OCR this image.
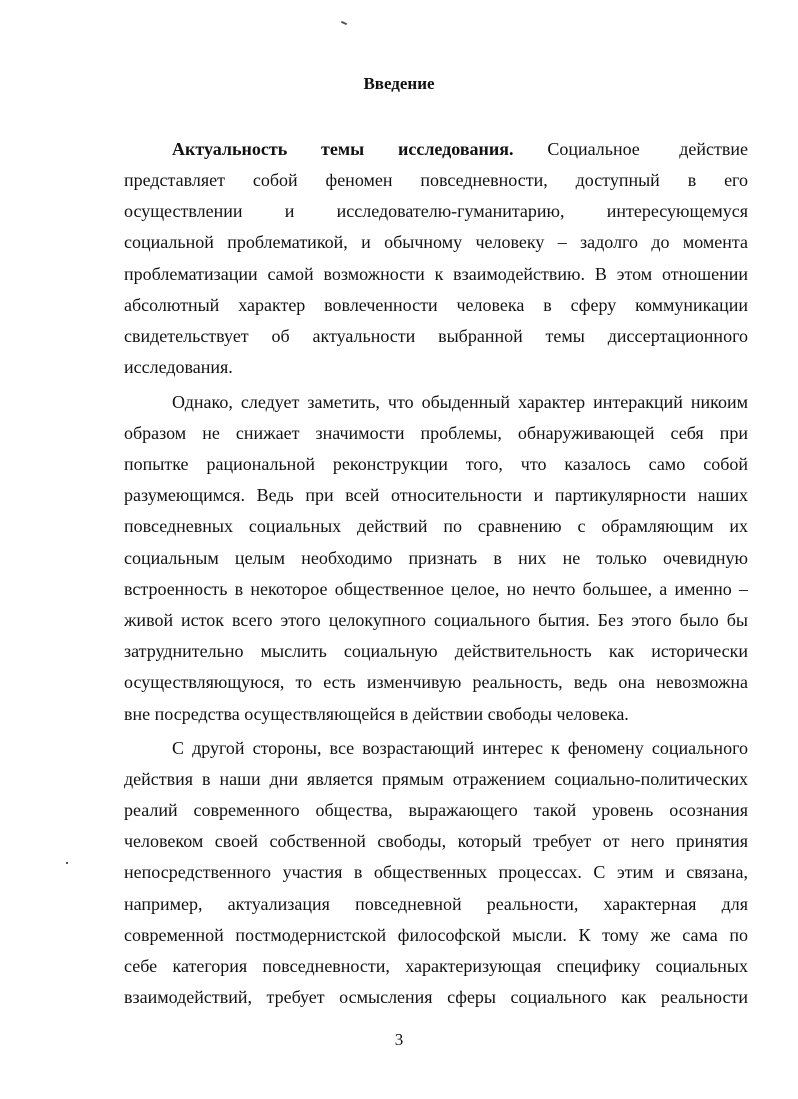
Введение
Актуальность      темы      исследования.      Социальное       действие
представляет собой феномен повседневности, доступный в его
осуществлении и исследователю-гуманитарию, интересующемуся
социальной проблематикой, и обычному человеку – задолго до момента
проблематизации самой возможности к взаимодействию. В этом отношении
абсолютный характер вовлеченности человека в сферу коммуникации
свидетельствует об актуальности выбранной темы диссертационного
исследования.
Однако, следует заметить, что обыденный характер интеракций никоим
образом не снижает значимости проблемы, обнаруживающей себя при
попытке рациональной реконструкции того, что казалось само собой
разумеющимся. Ведь при всей относительности и партикулярности наших
повседневных социальных действий по сравнению с обрамляющим их
социальным целым необходимо признать в них не только очевидную
встроенность в некоторое общественное целое, но нечто большее, а именно –
живой исток всего этого целокупного социального бытия. Без этого было бы
затруднительно мыслить социальную действительность как исторически
осуществляющуюся, то есть изменчивую реальность, ведь она невозможна
вне посредства осуществляющейся в действии свободы человека.
С другой стороны, все возрастающий интерес к феномену социального
действия в наши дни является прямым отражением социально-политических
реалий современного общества, выражающего такой уровень осознания
человеком своей собственной свободы, который требует от него принятия
непосредственного участия в общественных процессах. С этим и связана,
например, актуализация повседневной реальности, характерная для
современной постмодернистской философской мысли. К тому же сама по
себе категория повседневности, характеризующая специфику социальных
взаимодействий, требует осмысления сферы социального как реальности

3
